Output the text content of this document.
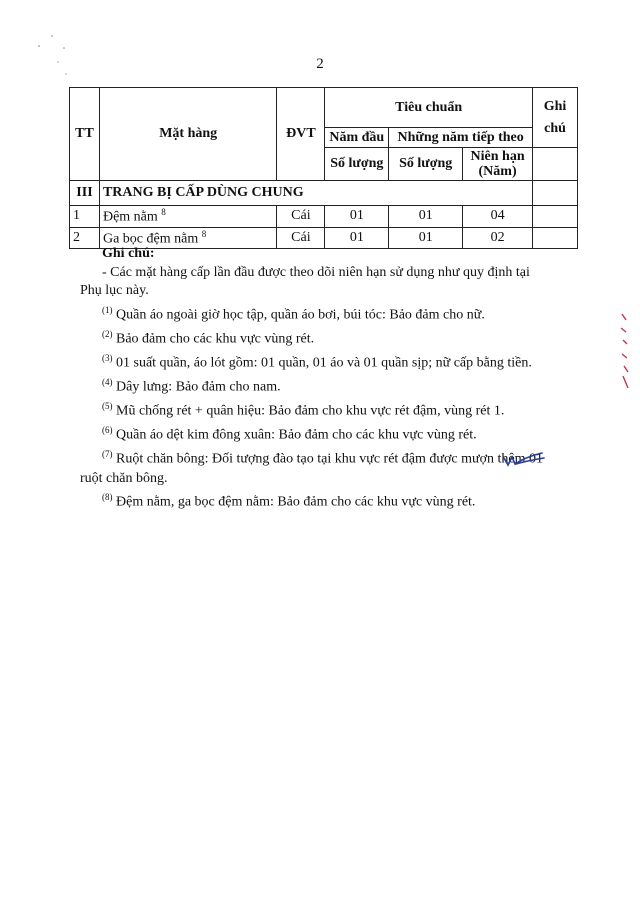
2
TT	Mặt hàng	ĐVT	Tiêu chuẩn			Ghi chú
			Năm đầu	Những năm tiếp theo		
			Số lượng	Số lượng	Niên hạn (Năm)	
III	TRANG BỊ CẤP DÙNG CHUNG					
1	Đệm nằm $^8$	Cái	01	01	04	
2	Ga bọc đệm nằm $^8$	Cái	01	01	02	
Ghi chú:
- Các mặt hàng cấp lần đầu được theo dõi niên hạn sử dụng như quy định tại
Phụ lục này.
$^{(1)}$ Quần áo ngoài giờ học tập, quần áo bơi, búi tóc: Bảo đảm cho nữ.
$^{(2)}$ Bảo đảm cho các khu vực vùng rét.
$^{(3)}$ 01 suất quần, áo lót gồm: 01 quần, 01 áo và 01 quần sịp; nữ cấp bằng tiền.
$^{(4)}$ Dây lưng: Bảo đảm cho nam.
$^{(5)}$ Mũ chống rét + quân hiệu: Bảo đảm cho khu vực rét đậm, vùng rét 1.
$^{(6)}$ Quần áo dệt kim đông xuân: Bảo đảm cho các khu vực vùng rét.
$^{(7)}$ Ruột chăn bông: Đối tượng đào tạo tại khu vực rét đậm được mượn thêm 01
ruột chăn bông.
$^{(8)}$ Đệm nằm, ga bọc đệm nằm: Bảo đảm cho các khu vực vùng rét.
